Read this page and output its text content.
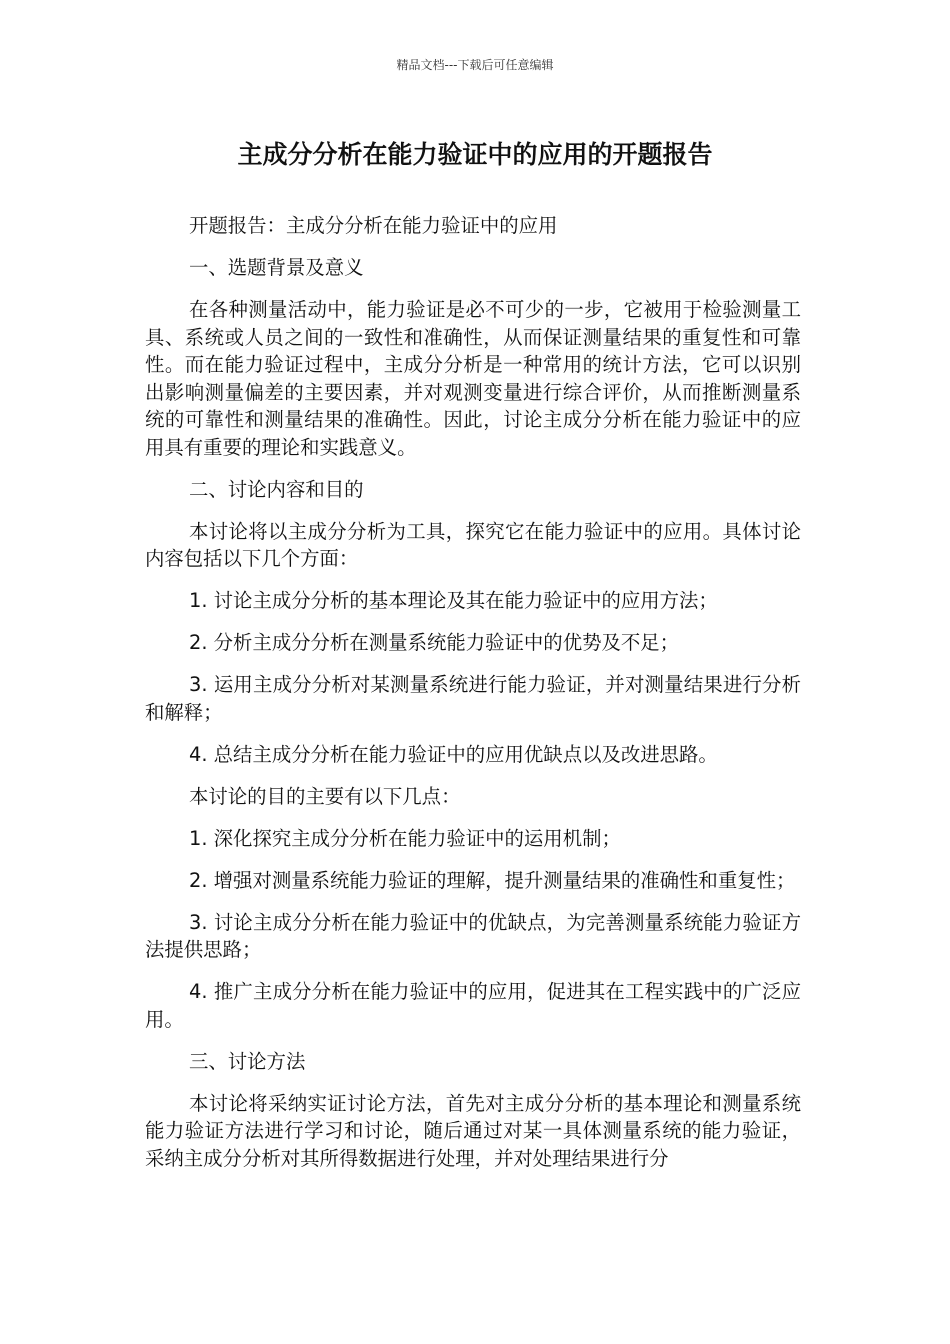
精品文档---下载后可任意编辑
主成分分析在能力验证中的应用的开题报告

开题报告：主成分分析在能力验证中的应用

一、选题背景及意义

在各种测量活动中，能力验证是必不可少的一步，它被用于检验测量工具、系统或人员之间的一致性和准确性，从而保证测量结果的重复性和可靠性。而在能力验证过程中，主成分分析是一种常用的统计方法，它可以识别出影响测量偏差的主要因素，并对观测变量进行综合评价，从而推断测量系统的可靠性和测量结果的准确性。因此，讨论主成分分析在能力验证中的应用具有重要的理论和实践意义。

二、讨论内容和目的

本讨论将以主成分分析为工具，探究它在能力验证中的应用。具体讨论内容包括以下几个方面：

1. 讨论主成分分析的基本理论及其在能力验证中的应用方法；

2. 分析主成分分析在测量系统能力验证中的优势及不足；

3. 运用主成分分析对某测量系统进行能力验证，并对测量结果进行分析和解释；

4. 总结主成分分析在能力验证中的应用优缺点以及改进思路。

本讨论的目的主要有以下几点：

1. 深化探究主成分分析在能力验证中的运用机制；

2. 增强对测量系统能力验证的理解，提升测量结果的准确性和重复性；

3. 讨论主成分分析在能力验证中的优缺点，为完善测量系统能力验证方法提供思路；

4. 推广主成分分析在能力验证中的应用，促进其在工程实践中的广泛应用。

三、讨论方法

本讨论将采纳实证讨论方法，首先对主成分分析的基本理论和测量系统能力验证方法进行学习和讨论，随后通过对某一具体测量系统的能力验证，采纳主成分分析对其所得数据进行处理，并对处理结果进行分
